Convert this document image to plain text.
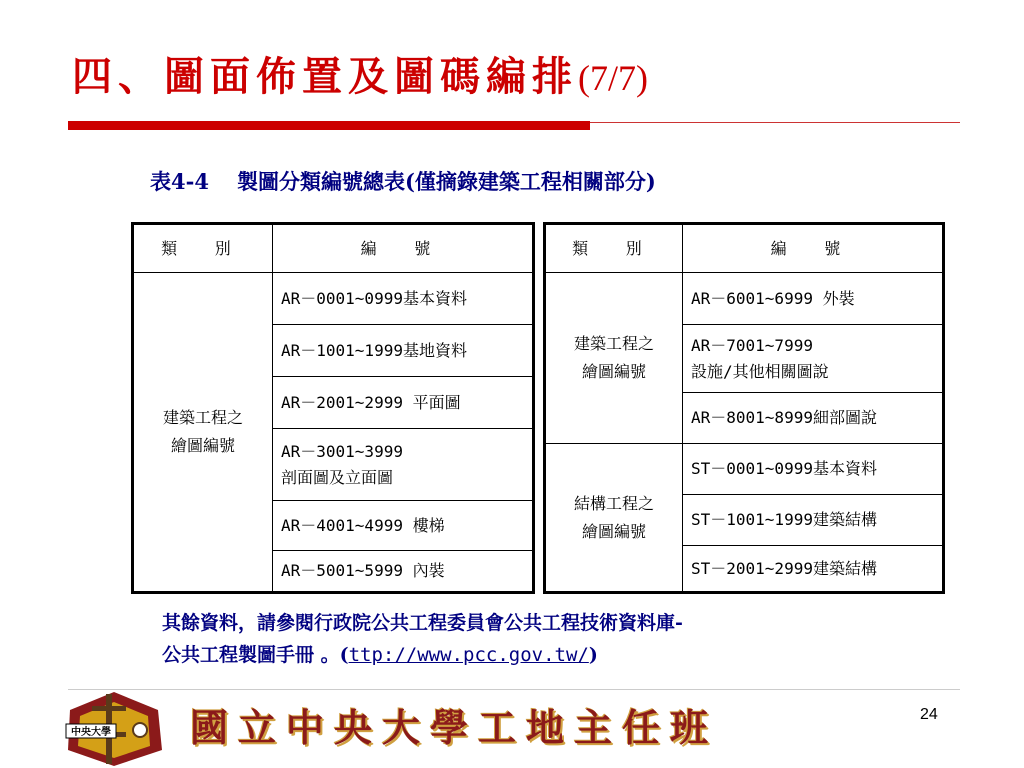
四、圖面佈置及圖碼編排(7/7)
表4-4 製圖分類編號總表(僅摘錄建築工程相關部分)
類 別	編 號

建築工程之
繪圖編號	AR－0001~0999基本資料

	AR－1001~1999基地資料

	AR－2001~2999 平面圖

	AR－3001~3999
剖面圖及立面圖

	AR－4001~4999 樓梯

	AR－5001~5999 內裝
類 別	編 號

建築工程之
繪圖編號	AR－6001~6999 外裝

	AR－7001~7999
設施/其他相關圖說

	AR－8001~8999細部圖說

結構工程之
繪圖編號	ST－0001~0999基本資料

	ST－1001~1999建築結構

	ST－2001~2999建築結構
其餘資料，請參閱行政院公共工程委員會公共工程技術資料庫-
公共工程製圖手冊 。(ttp://www.pcc.gov.tw/)
中央大學 國立中央大學工地主任班	24
